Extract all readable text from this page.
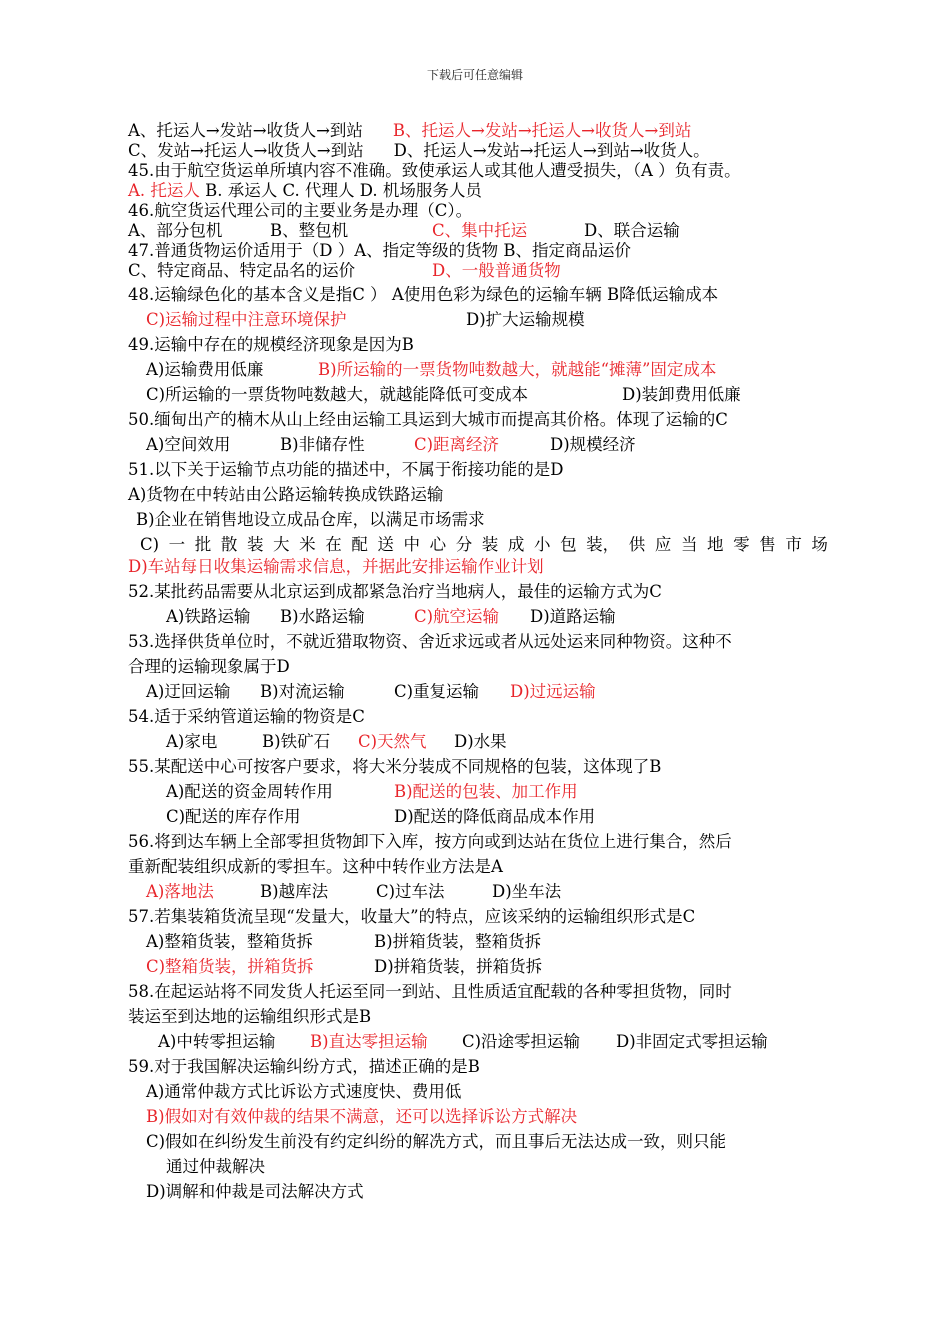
下载后可任意编辑
A、托运人→发站→收货人→到站 B、托运人→发站→托运人→收货人→到站
C、发站→托运人→收货人→到站 D、托运人→发站→托运人→到站→收货人。
45.由于航空货运单所填内容不准确。致使承运人或其他人遭受损失，（A ）负有责。
A. 托运人 B. 承运人 C. 代理人 D. 机场服务人员
46.航空货运代理公司的主要业务是办理（C）。
A、部分包机	B、整包机	C、集中托运	D、联合运输
47.普通货物运价适用于（D ）A、指定等级的货物 B、指定商品运价
C、特定商品、特定品名的运价	D、一般普通货物
48.运输绿色化的基本含义是指C ） A使用色彩为绿色的运输车辆 B降低运输成本
C)运输过程中注意环境保护	D)扩大运输规模
49.运输中存在的规模经济现象是因为B
A)运输费用低廉	B)所运输的一票货物吨数越大，就越能“摊薄”固定成本
C)所运输的一票货物吨数越大，就越能降低可变成本	D)装卸费用低廉
50.缅甸出产的楠木从山上经由运输工具运到大城市而提高其价格。体现了运输的C
A)空间效用	B)非储存性	C)距离经济	D)规模经济
51.以下关于运输节点功能的描述中，不属于衔接功能的是D
A)货物在中转站由公路运输转换成铁路运输
B)企业在销售地设立成品仓库，以满足市场需求
C) 一 批 散 装 大 米 在 配 送 中 心 分 装 成 小 包 装， 供 应 当 地 零 售 市 场
D)车站每日收集运输需求信息，并据此安排运输作业计划
52.某批药品需要从北京运到成都紧急治疗当地病人，最佳的运输方式为C
A)铁路运输 B)水路运输	C)航空运输 D)道路运输
53.选择供货单位时，不就近猎取物资、舍近求远或者从远处运来同种物资。这种不
合理的运输现象属于D
A)迂回运输 B)对流运输	C)重复运输 D)过远运输
54.适于采纳管道运输的物资是C
A)家电	B)铁矿石 C)天然气 D)水果
55.某配送中心可按客户要求，将大米分装成不同规格的包装，这体现了B
A)配送的资金周转作用	B)配送的包装、加工作用
C)配送的库存作用	D)配送的降低商品成本作用
56.将到达车辆上全部零担货物卸下入库，按方向或到达站在货位上进行集合，然后
重新配装组织成新的零担车。这种中转作业方法是A
A)落地法	B)越库法	C)过车法	D)坐车法
57.若集装箱货流呈现“发量大，收量大”的特点，应该采纳的运输组织形式是C
A)整箱货装，整箱货拆	B)拼箱货装，整箱货拆
C)整箱货装，拼箱货拆	D)拼箱货装，拼箱货拆
58.在起运站将不同发货人托运至同一到站、且性质适宜配载的各种零担货物，同时
装运至到达地的运输组织形式是B
A)中转零担运输 B)直达零担运输 C)沿途零担运输 D)非固定式零担运输
59.对于我国解决运输纠纷方式，描述正确的是B
A)通常仲裁方式比诉讼方式速度快、费用低
B)假如对有效仲裁的结果不满意，还可以选择诉讼方式解决
C)假如在纠纷发生前没有约定纠纷的解冼方式，而且事后无法达成一致，则只能
通过仲裁解决
D)调解和仲裁是司法解决方式
